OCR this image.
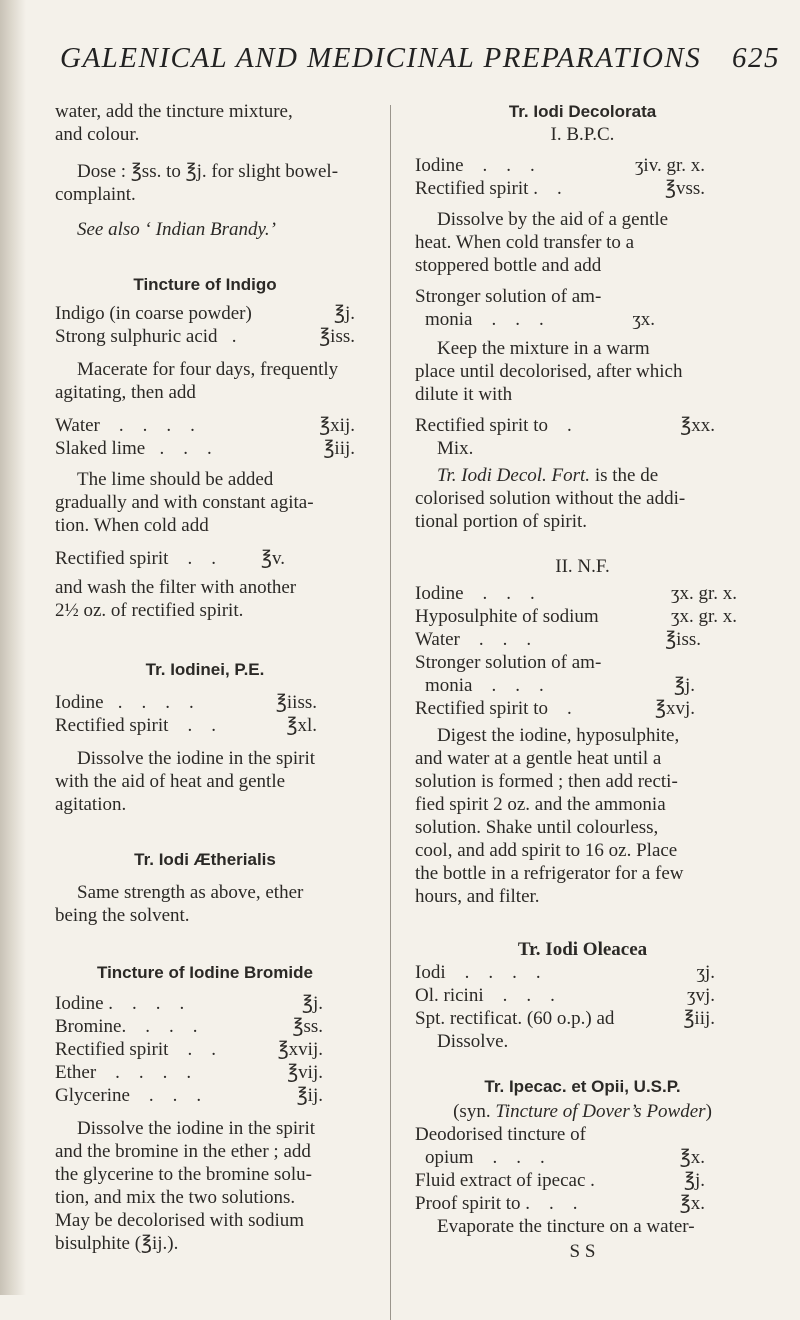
GALENICAL AND MEDICINAL PREPARATIONS 625

water, add the tincture mixture,

and colour.

Dose : ℥ss. to ℥j. for slight bowel-

complaint.

See also ‘ Indian Brandy.’

Tincture of Indigo

Indigo (in coarse powder)	℥j.
Strong sulphuric acid   .	℥iss.

Macerate for four days, frequently

agitating, then add

Water    .    .    .    .	℥xij.
Slaked lime   .    .    .	℥iij.

The lime should be added

gradually and with constant agita-

tion. When cold add

Rectified spirit    .    . ℥v.

and wash the filter with another

2½ oz. of rectified spirit.

Tr. Iodinei, P.E.

Iodine   .    .    .    .	℥iiss.
Rectified spirit    .    .	℥xl.

Dissolve the iodine in the spirit

with the aid of heat and gentle

agitation.

Tr. Iodi Ætherialis

Same strength as above, ether

being the solvent.

Tincture of Iodine Bromide

Iodine .    .    .    .	℥j.
Bromine.    .    .    .	℥ss.
Rectified spirit    .    .	℥xvij.
Ether    .    .    .    .	℥vij.
Glycerine    .    .    .	℥ij.

Dissolve the iodine in the spirit

and the bromine in the ether ; add

the glycerine to the bromine solu-

tion, and mix the two solutions.

May be decolorised with sodium

bisulphite (℥ij.).

Tr. Iodi Decolorata

I. B.P.C.

Iodine    .    .    .	ʒiv. gr. x.
Rectified spirit .    .	℥vss.

Dissolve by the aid of a gentle

heat. When cold transfer to a

stoppered bottle and add

Stronger solution of am-

monia    .    .    .	ʒx.

Keep the mixture in a warm

place until decolorised, after which

dilute it with

Rectified spirit to    .	℥xx.

Mix.

Tr. Iodi Decol. Fort. is the de

colorised solution without the addi-

tional portion of spirit.

II. N.F.

Iodine    .    .    .	ʒx. gr. x.
Hyposulphite of sodium	ʒx. gr. x.
Water    .    .    .	℥iss.

Stronger solution of am-

monia    .    .    .	℥j.
Rectified spirit to    .	℥xvj.

Digest the iodine, hyposulphite,

and water at a gentle heat until a

solution is formed ; then add recti-

fied spirit 2 oz. and the ammonia

solution. Shake until colourless,

cool, and add spirit to 16 oz. Place

the bottle in a refrigerator for a few

hours, and filter.

Tr. Iodi Oleacea

Iodi    .    .    .    .	ʒj.
Ol. ricini    .    .    .	ʒvj.
Spt. rectificat. (60 o.p.) ad	℥iij.

Dissolve.

Tr. Ipecac. et Opii, U.S.P.

(syn. Tincture of Dover’s Powder)

Deodorised tincture of

opium    .    .    .	℥x.
Fluid extract of ipecac .	℥j.
Proof spirit to .    .    .	℥x.

Evaporate the tincture on a water-

S S
